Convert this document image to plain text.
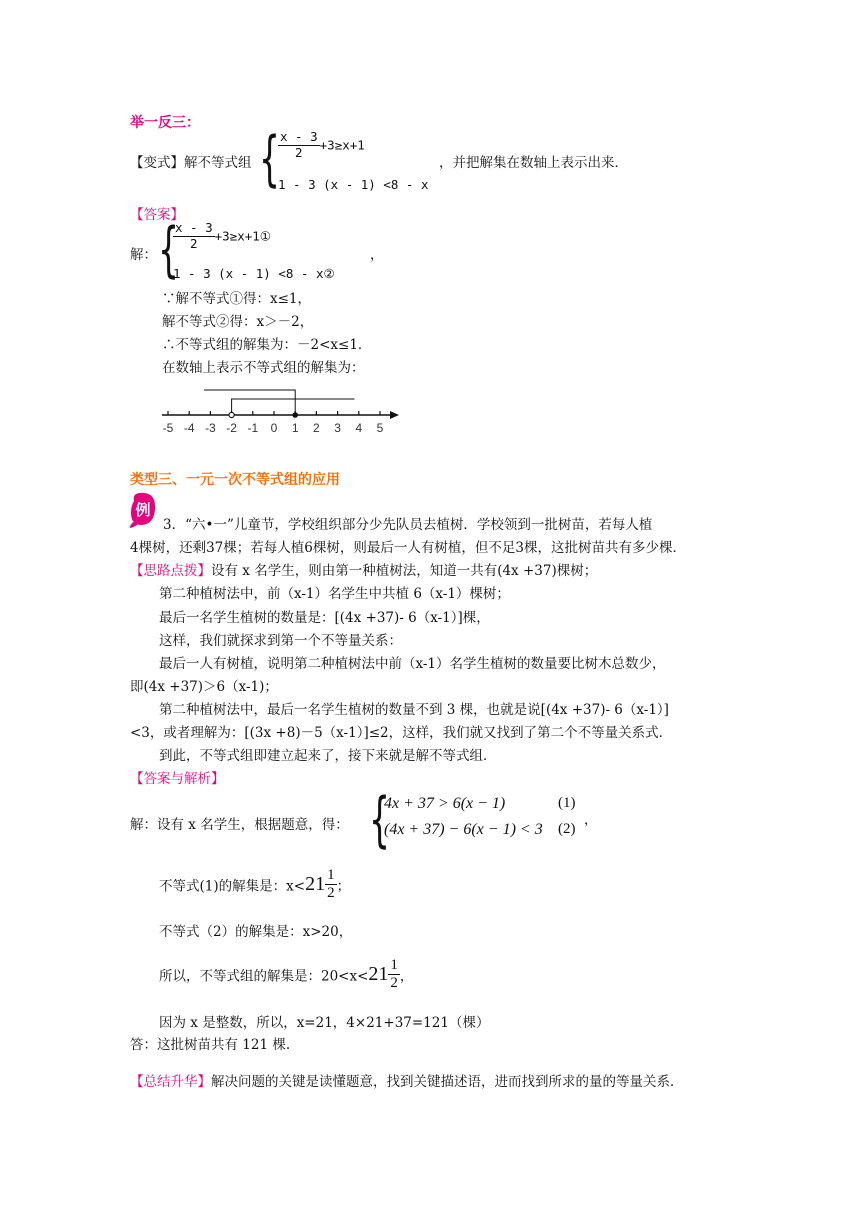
举一反三：
【变式】解不等式组 {
$\frac{x - 3}{2} +3\ge x+1$
1 - 3 (x - 1) <8 - x
，并把解集在数轴上表示出来．
【答案】
解： {
$\frac{x - 3}{2}$ +3≥x+1①
1 - 3 (x - 1) <8 - x②
，
∵解不等式①得：x≤1，
解不等式②得：x＞－2，
∴不等式组的解集为：－2<x≤1．
在数轴上表示不等式组的解集为：
-5 -4 -3 -2 -1 0 1 2 3 4 5
类型三、一元一次不等式组的应用
例
3．“六•一”儿童节，学校组织部分少先队员去植树．学校领到一批树苗，若每人植
4棵树，还剩37棵；若每人植6棵树，则最后一人有树植，但不足3棵，这批树苗共有多少棵．
【思路点拨】设有 x 名学生，则由第一种植树法，知道一共有(4x +37)棵树；
第二种植树法中，前（x-1）名学生中共植 6（x-1）棵树；
最后一名学生植树的数量是：[(4x +37)- 6（x-1）]棵，
这样，我们就探求到第一个不等量关系：
最后一人有树植，说明第二种植树法中前（x-1）名学生植树的数量要比树木总数少，
即(4x +37)＞6（x-1)；
第二种植树法中，最后一名学生植树的数量不到 3 棵，也就是说[(4x +37)- 6（x-1）]
<3，或者理解为：[(3x +8)－5（x-1）]≤2，这样，我们就又找到了第二个不等量关系式．
到此，不等式组即建立起来了，接下来就是解不等式组．
【答案与解析】
解：设有 x 名学生，根据题意，得： {
4x + 37 > 6(x − 1)	(1)
(4x + 37) − 6(x − 1) < 3 (2)
，
不等式(1)的解集是：$x<21 \frac{1}{2}$ ；
不等式（2）的解集是：x>20，
所以，不等式组的解集是：$20<x<21 \frac{1}{2}$ ，
因为 x 是整数，所以，x=21，4×21+37=121（棵）
答：这批树苗共有 121 棵.
【总结升华】解决问题的关键是读懂题意，找到关键描述语，进而找到所求的量的等量关系．
